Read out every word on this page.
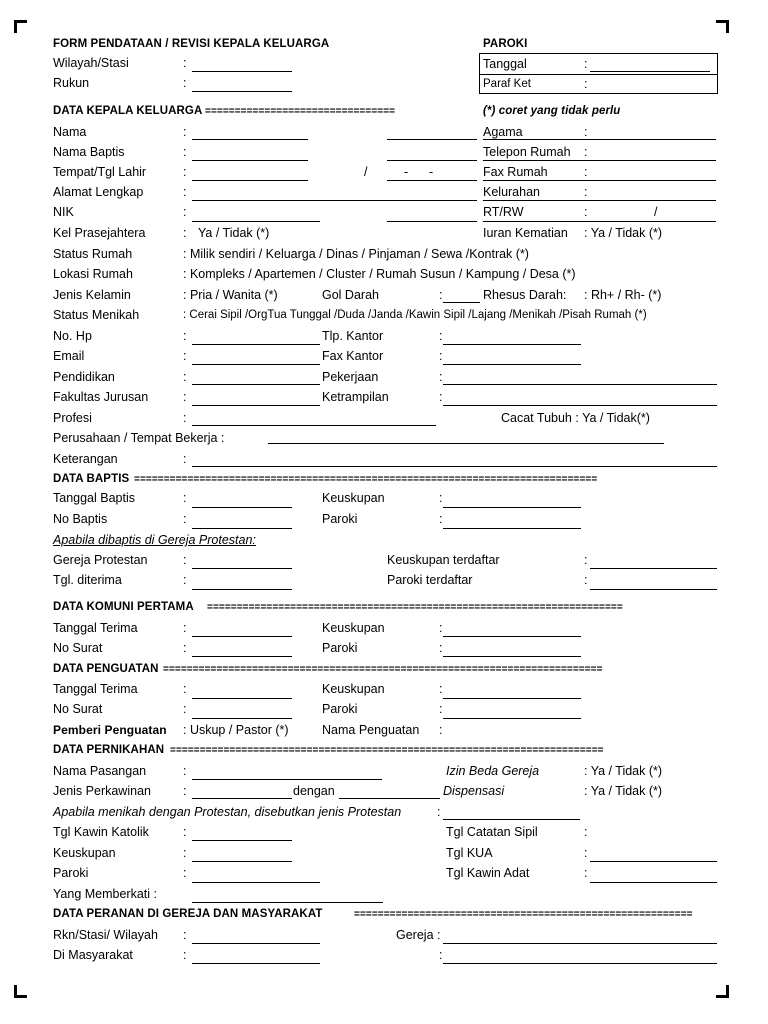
FORM PENDATAAN / REVISI KEPALA KELUARGA	PAROKI
Wilayah/Stasi	:
Rukun	:
Tanggal	:
Paraf Ket	:
DATA KEPALA KELUARGA ================================	(*) coret yang tidak perlu
Nama	:	Agama	:
Nama Baptis	:	Telepon Rumah :
Tempat/Tgl Lahir	:	/	-      -	Fax Rumah	:
Alamat Lengkap	:	Kelurahan	:
NIK	:	RT/RW	:	/
Kel Prasejahtera	: Ya / Tidak (*)	Iuran Kematian : Ya / Tidak (*)
Status Rumah	: Milik sendiri / Keluarga / Dinas / Pinjaman / Sewa /Kontrak (*)
Lokasi Rumah	: Kompleks / Apartemen / Cluster / Rumah Susun / Kampung / Desa (*)
Jenis Kelamin	: Pria / Wanita (*)	Gol Darah	:	Rhesus Darah: : Rh+ / Rh- (*)
Status Menikah	: Cerai Sipil /OrgTua Tunggal /Duda /Janda /Kawin Sipil /Lajang /Menikah /Pisah Rumah (*)
No. Hp	:	Tlp. Kantor	:
Email	:	Fax Kantor	:
Pendidikan	:	Pekerjaan	:
Fakultas Jurusan	:	Ketrampilan	:
Profesi	:	Cacat Tubuh : Ya / Tidak(*)
Perusahaan / Tempat Bekerja :
Keterangan	:
DATA BAPTIS ==============================================================================
Tanggal Baptis	:	Keuskupan	:
No Baptis	:	Paroki	:
Apabila dibaptis di Gereja Protestan:
Gereja Protestan	:	Keuskupan terdaftar	:
Tgl. diterima	:	Paroki terdaftar	:
DATA KOMUNI PERTAMA ======================================================================
Tanggal Terima	:	Keuskupan	:
No Surat	:	Paroki	:
DATA PENGUATAN ==========================================================================
Tanggal Terima	:	Keuskupan	:
No Surat	:	Paroki	:
Pemberi Penguatan : Uskup / Pastor (*)	Nama Penguatan :
DATA PERNIKAHAN =========================================================================
Nama Pasangan	:	Izin Beda Gereja	: Ya / Tidak (*)
Jenis Perkawinan	:	dengan	Dispensasi	: Ya / Tidak (*)
Apabila menikah dengan Protestan, disebutkan jenis Protestan	:
Tgl Kawin Katolik	:	Tgl Catatan Sipil	:
Keuskupan	:	Tgl KUA	:
Paroki	:	Tgl Kawin Adat	:
Yang Memberkati :
DATA PERANAN DI GEREJA DAN MASYARAKAT	=========================================================
Rkn/Stasi/ Wilayah :	Gereja :
Di Masyarakat	:	:
